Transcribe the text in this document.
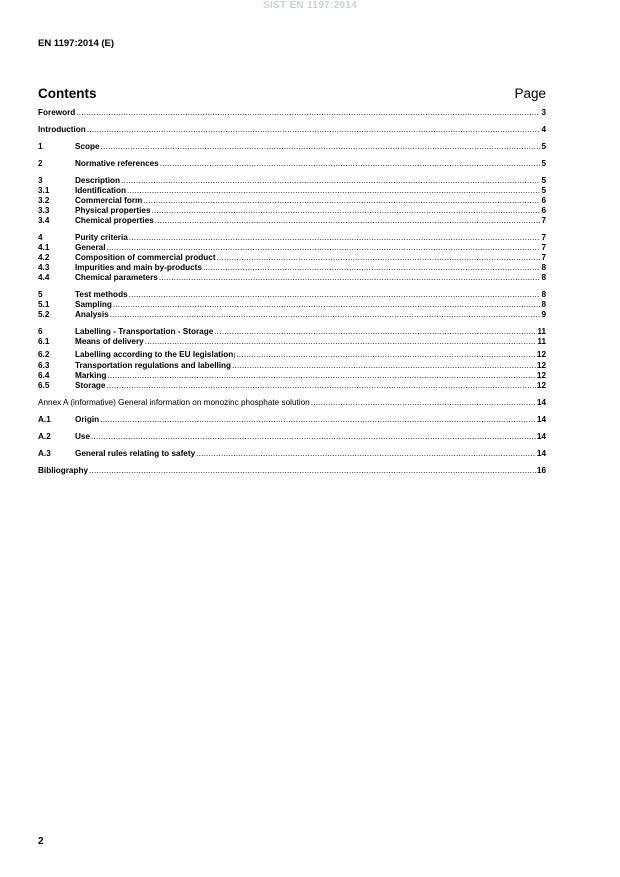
SIST EN 1197:2014
EN 1197:2014 (E)
Contents	Page
Foreword .....	3
Introduction .....	4
1	Scope .....	5
2	Normative references .....	5
3	Description .....	5
3.1	Identification .....	5
3.2	Commercial form .....	6
3.3	Physical properties .....	6
3.4	Chemical properties .....	7
4	Purity criteria .....	7
4.1	General .....	7
4.2	Composition of commercial product .....	7
4.3	Impurities and main by-products .....	8
4.4	Chemical parameters .....	8
5	Test methods .....	8
5.1	Sampling .....	8
5.2	Analysis .....	9
6	Labelling - Transportation - Storage .....	11
6.1	Means of delivery .....	11
6.2	Labelling according to the EU legislation ) .....	12
6.3	Transportation regulations and labelling .....	12
6.4	Marking .....	12
6.5	Storage .....	12
Annex A (informative) General information on monozinc phosphate solution .....	14
A.1	Origin .....	14
A.2	Use .....	14
A.3	General rules relating to safety .....	14
Bibliography .....	16
2
